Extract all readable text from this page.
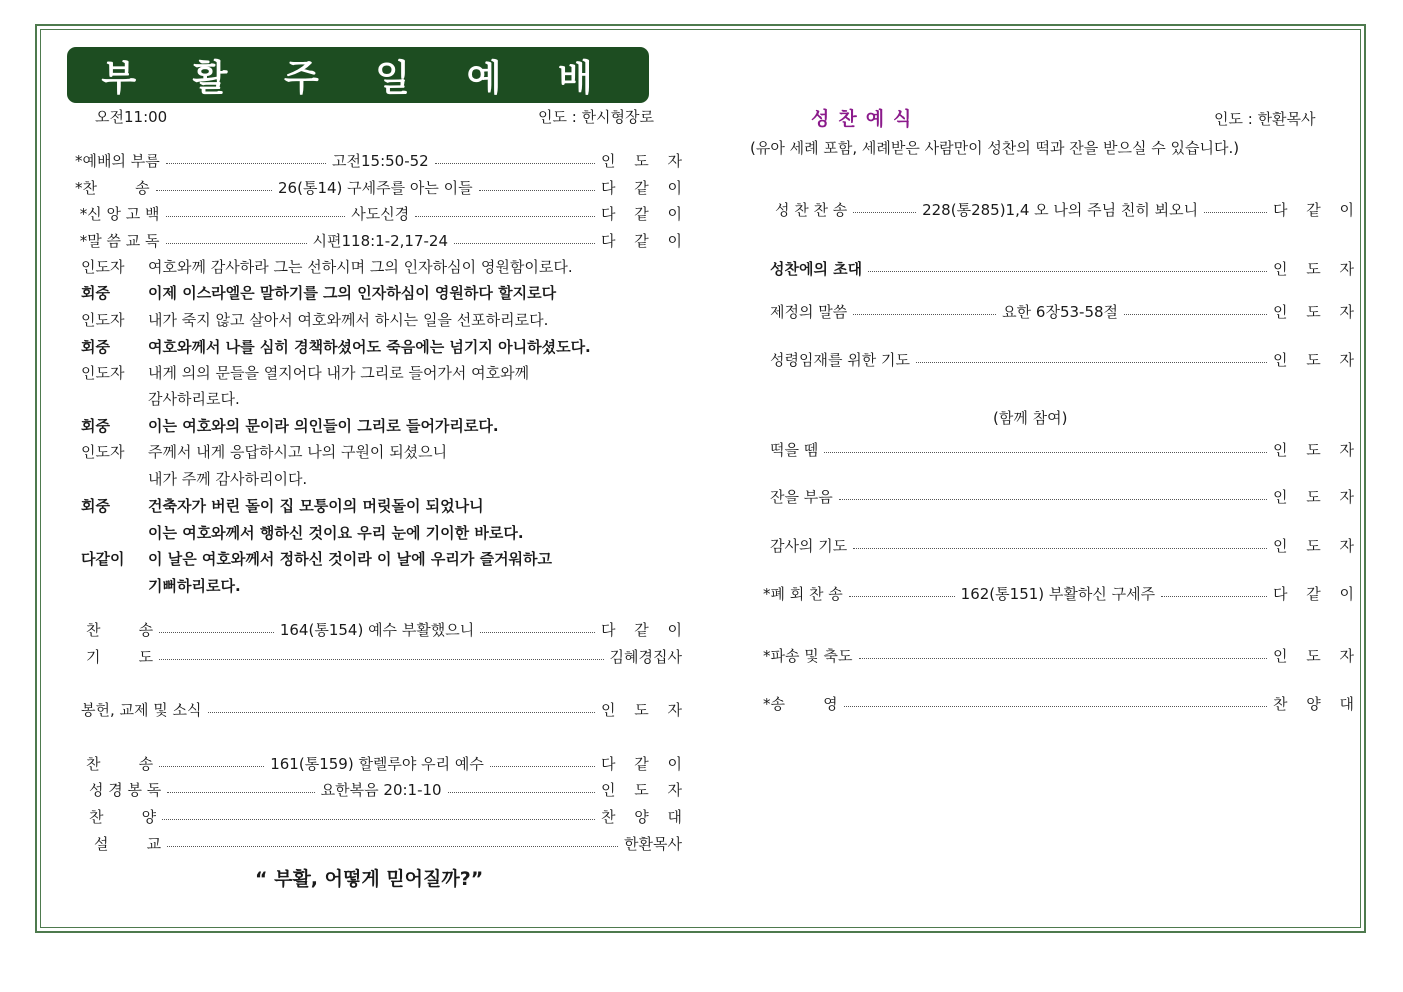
부 활 주 일 예 배
오전11:00	인도 : 한시형장로
*예배의 부름	고전15:50-52	인 도 자
*찬        송	26(통14) 구세주를 아는 이들	다 같 이
*신 앙 고 백	사도신경	다 같 이
*말 씀 교 독	시편118:1-2,17-24	다 같 이
인도자 여호와께 감사하라 그는 선하시며 그의 인자하심이 영원함이로다.
회중	이제 이스라엘은 말하기를 그의 인자하심이 영원하다 할지로다
인도자 내가 죽지 않고 살아서 여호와께서 하시는 일을 선포하리로다.
회중	여호와께서 나를 심히 경책하셨어도 죽음에는 넘기지 아니하셨도다.
인도자 내게 의의 문들을 열지어다 내가 그리로 들어가서 여호와께
감사하리로다.
회중	이는 여호와의 문이라 의인들이 그리로 들어가리로다.
인도자 주께서 내게 응답하시고 나의 구원이 되셨으니
내가 주께 감사하리이다.
회중	건축자가 버린 돌이 집 모퉁이의 머릿돌이 되었나니
이는 여호와께서 행하신 것이요 우리 눈에 기이한 바로다.
다같이 이 날은 여호와께서 정하신 것이라 이 날에 우리가 즐거워하고
기뻐하리로다.
찬        송	164(통154) 예수 부활했으니	다 같 이
기        도	김혜경집사
봉헌, 교제 및 소식	인 도 자
찬        송	161(통159) 할렐루야 우리 예수	다 같 이
성 경 봉 독	요한복음 20:1-10	인 도 자
찬        양	찬 양 대
설        교	한환목사
“ 부활, 어떻게 믿어질까?”
성찬예식	인도 : 한환목사
(유아 세례 포함, 세례받은 사람만이 성찬의 떡과 잔을 받으실 수 있습니다.)
성 찬 찬 송	228(통285)1,4 오 나의 주님 친히 뵈오니	다 같 이
성찬에의 초대	인 도 자
제정의 말씀	요한 6장53-58절	인 도 자
성령임재를 위한 기도	인 도 자
(함께 참여)
떡을 뗌	인 도 자
잔을 부음	인 도 자
감사의 기도	인 도 자
*폐 회 찬 송	162(통151) 부활하신 구세주	다 같 이
*파송 및 축도	인 도 자
*송        영	찬 양 대
